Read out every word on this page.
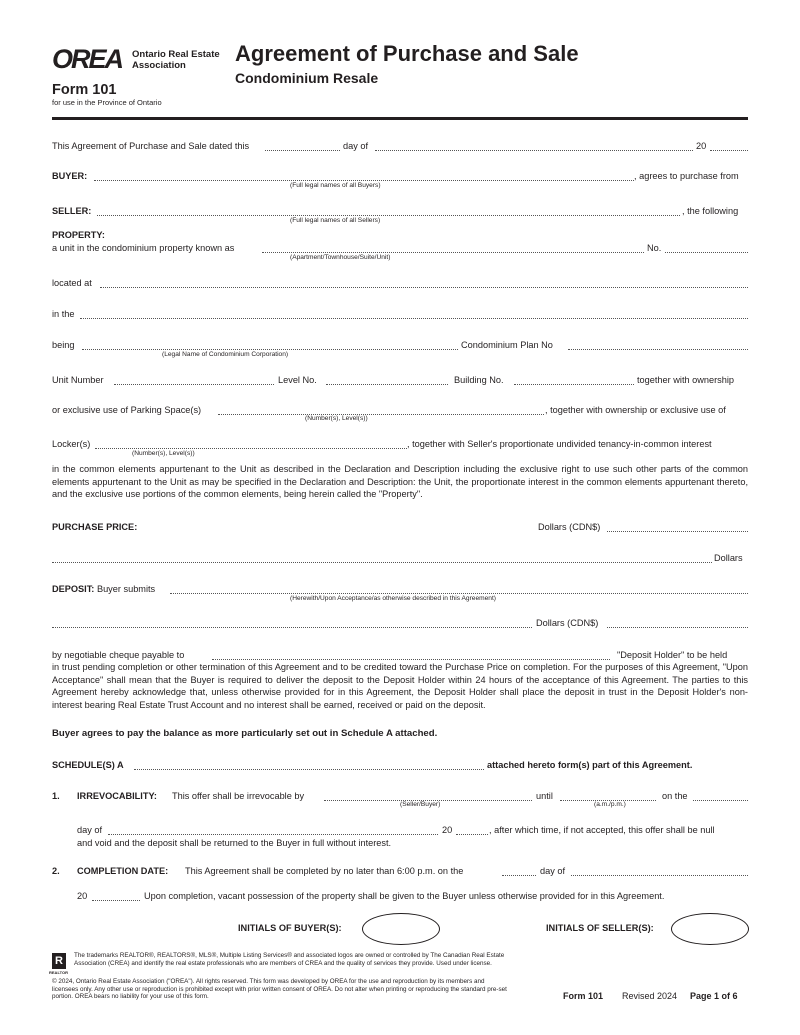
OREA Ontario Real Estate
Association
Form 101
for use in the Province of Ontario
Agreement of Purchase and Sale
Condominium Resale
This Agreement of Purchase and Sale dated this	day of	20
BUYER:	, agrees to purchase from
(Full legal names of all Buyers)
SELLER:	, the following
(Full legal names of all Sellers)
PROPERTY:
a unit in the condominium property known as	No.
(Apartment/Townhouse/Suite/Unit)
located at
in the
being	Condominium Plan No
(Legal Name of Condominium Corporation)
Unit Number	Level No.	Building No.	together with ownership
or exclusive use of Parking Space(s)	, together with ownership or exclusive use of
(Number(s), Level(s))
Locker(s)	, together with Seller's proportionate undivided tenancy-in-common interest
(Number(s), Level(s))
in the common elements appurtenant to the Unit as described in the Declaration and Description including the exclusive right to use such other parts of the common elements appurtenant to the Unit as may be specified in the Declaration and Description: the Unit, the proportionate interest in the common elements appurtenant thereto, and the exclusive use portions of the common elements, being herein called the "Property".
PURCHASE PRICE:	Dollars (CDN$)
Dollars
DEPOSIT: Buyer submits
(Herewith/Upon Acceptance/as otherwise described in this Agreement)
Dollars (CDN$)
by negotiable cheque payable to	"Deposit Holder" to be held
in trust pending completion or other termination of this Agreement and to be credited toward the Purchase Price on completion. For the purposes of this Agreement, "Upon Acceptance" shall mean that the Buyer is required to deliver the deposit to the Deposit Holder within 24 hours of the acceptance of this Agreement. The parties to this Agreement hereby acknowledge that, unless otherwise provided for in this Agreement, the Deposit Holder shall place the deposit in trust in the Deposit Holder's non-interest bearing Real Estate Trust Account and no interest shall be earned, received or paid on the deposit.
Buyer agrees to pay the balance as more particularly set out in Schedule A attached.
SCHEDULE(S) A	attached hereto form(s) part of this Agreement.
1. IRREVOCABILITY: This offer shall be irrevocable by	until	on the
(Seller/Buyer)	(a.m./p.m.)
day of	20	, after which time, if not accepted, this offer shall be null
and void and the deposit shall be returned to the Buyer in full without interest.
2. COMPLETION DATE: This Agreement shall be completed by no later than 6:00 p.m. on the	day of
20	Upon completion, vacant possession of the property shall be given to the Buyer unless otherwise provided for in this Agreement.
INITIALS OF BUYER(S):	INITIALS OF SELLER(S):
R
REALTOR
The trademarks REALTOR®, REALTORS®, MLS®, Multiple Listing Services® and associated logos are owned or controlled by The Canadian Real Estate Association (CREA) and identify the real estate professionals who are members of CREA and the quality of services they provide. Used under license.
© 2024, Ontario Real Estate Association ("OREA"). All rights reserved. This form was developed by OREA for the use and reproduction by its members and licensees only. Any other use or reproduction is prohibited except with prior written consent of OREA. Do not alter when printing or reproducing the standard pre-set portion. OREA bears no liability for your use of this form.	Form 101 Revised 2024 Page 1 of 6
